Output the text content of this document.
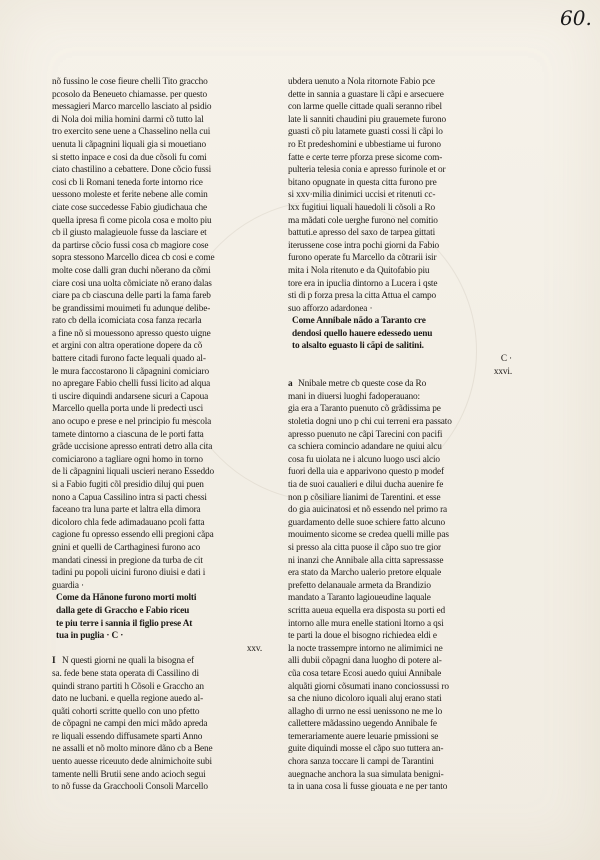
60.
nõ fussino le cose fieure chelli Tito graccho
pcosolo da Beneueto chiamasse. per questo
messagieri Marco marcello lasciato al psidio
di Nola doi milia homini darmi cõ tutto lal
tro exercito sene uene a Chasselino nella cui
uenuta li cãpagnini liquali gia si mouetiano
si stetto inpace e cosi da due cõsoli fu comi
ciato chastilino a cebattere. Done cõcio fussi
cosi cb li Romani teneda forte intorno rice
uessono moleste et ferite nebene alle comin
ciate cose succedesse Fabio giudichaua che
quella ipresa fi come picola cosa e molto piu
cb il giusto malagieuole fusse da lasciare et
da partirse cõcio fussi cosa cb magiore cose
sopra stessono Marcello dicea cb cosi e come
molte cose dalli gran duchi nõerano da cõmi
ciare cosi una uolta cõmiciate nõ erano dalas
ciare pa cb ciascuna delle parti la fama fareb
be grandissimi mouimeti fu adunque delibe-
rato cb della icomiciata cosa fanza recarla
a fine nõ si mouessono apresso questo uigne
et argini con altra operatione dopere da cõ
battere citadi furono facte lequali quado al-
le mura faccostarono li cãpagnini comiciaro
no apregare Fabio chelli fussi licito ad alqua
ti uscire diquindi andarsene sicuri a Capoua
Marcello quella porta unde li predecti usci
ano ocupo e prese e nel principio fu mescola
tamete dintorno a ciascuna de le porti fatta
grãde uccisione apresso entrati detro alla cita
comiciarono a tagliare ogni homo in torno
de li cãpagnini liquali uscieri nerano Esseddo
si a Fabio fugiti cõl presidio diluj qui puen
nono a Capua Cassilino intra si pacti chessi
faceano tra luna parte et laltra ella dimora
dicoloro chla fede adimadauano pcoli fatta
cagione fu opresso essendo elli pregioni cãpa
gnini et quelli de Carthaginesi furono aco
mandati cinessi in pregione da turba de cit
tadini pu popoli uicini furono diuisi e dati i
guardia ·
Come da Hãnone furono morti molti
dalla gete di Graccho e Fabio riceu
te piu terre i sannia il figlio prese At
tua in puglia · C ·
xxv.
I N questi giorni ne quali la bisogna ef
sa. fede bene stata operata di Cassilino di
quindi strano partiti h Cõsoli e Graccho an
dato ne lucbani. e quella regione auedo al-
quãti cohorti scritte quello con uno pfetto
de cõpagni ne campi den mici mãdo apreda
re liquali essendo diffusamete sparti Anno
ne assalli et nõ molto minore dãno cb a Bene
uento auesse riceuuto dede alnimichoite subi
tamente nelli Brutii sene ando acioch segui
to nõ fusse da Gracchooli Consoli Marcello
ubdera uenuto a Nola ritornote Fabio pce
dette in sannia a guastare li cãpi e arsecuere
con larme quelle cittade quali seranno ribel
late li sanniti chaudini piu grauemete furono
guasti cõ piu latamete guasti cossi li cãpi lo
ro Et predeshomini e ubbestiame ui furono
fatte e certe terre pforza prese sicome com-
pulteria telesia conia e apresso furinole et or
bitano opugnate in questa citta furono pre
si xxv·milia dinimici uccisi et ritenuti cc-
lxx fugitiui liquali hauedoli li cõsoli a Ro
ma mãdati cole uerghe furono nel comitio
battuti.e apresso del saxo de tarpea gittati
iterussene cose intra pochi giorni da Fabio
furono operate fu Marcello da cõtrarii isir
mita i Nola ritenuto e da Quitofabio piu
tore era in ipuclia dintorno a Lucera i qste
sti di p forza presa la citta Attua el campo
suo afforzo adardonea ·
Come Annibale nãdo a Taranto cre
dendosi quello hauere edessedo uenu
to alsalto eguasto li cãpi de salitini.
C ·
xxvi.
a Nnibale metre cb queste cose da Ro
mani in diuersi luoghi fadoperauano:
gia era a Taranto puenuto cõ grãdissima pe
stoletia dogni uno p chi cui terreni era passato
apresso puenuto ne cãpi Tarecini con pacifi
ca schiera comincio adandare ne quiui alcu
cosa fu uiolata ne i alcuno luogo usci alcio
fuori della uia e apparivono questo p modef
tia de suoi caualieri e dilui ducha auenire fe
non p cõsiliare lianimi de Tarentini. et esse
do gia auicinatosi et nõ essendo nel primo ra
guardamento delle suoe schiere fatto alcuno
mouimento sicome se credea quelli mille pas
si presso ala citta puose il cãpo suo tre gior
ni inanzi che Annibale alla citta sapressasse
era stato da Marcho ualerio pretore elquale
prefetto delanauale armeta da Brandizio
mandato a Taranto lagioueudine laquale
scritta aueua equella era disposta su porti ed
intorno alle mura enelle stationi ltorno a qsi
te parti la doue el bisogno richiedea eldi e
la nocte trassempre intorno ne alimimici ne
alli dubii cõpagni dana luogho di potere al-
cũa cosa tetare Ecosi auedo quiui Annibale
alquãti giorni cõsumati inano conciossussi ro
sa che niuno dicoloro iquali aluj erano stati
allagho di urrno ne essi uenissono ne me lo
callettere mãdassino uegendo Annibale fe
temerariamente auere leuarie pmissioni se
guite diquindi mosse el cãpo suo tuttera an-
chora sanza toccare li campi de Tarantini
auegnache anchora la sua simulata benigni-
ta in uana cosa li fusse giouata e ne per tanto
